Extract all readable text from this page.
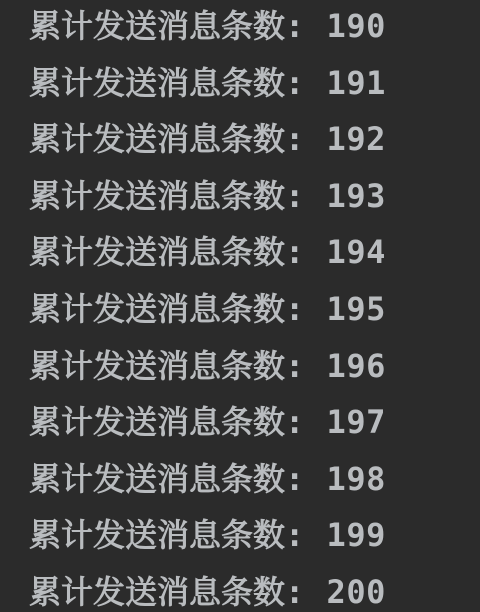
累计发送消息条数: 190
累计发送消息条数: 191
累计发送消息条数: 192
累计发送消息条数: 193
累计发送消息条数: 194
累计发送消息条数: 195
累计发送消息条数: 196
累计发送消息条数: 197
累计发送消息条数: 198
累计发送消息条数: 199
累计发送消息条数: 200
